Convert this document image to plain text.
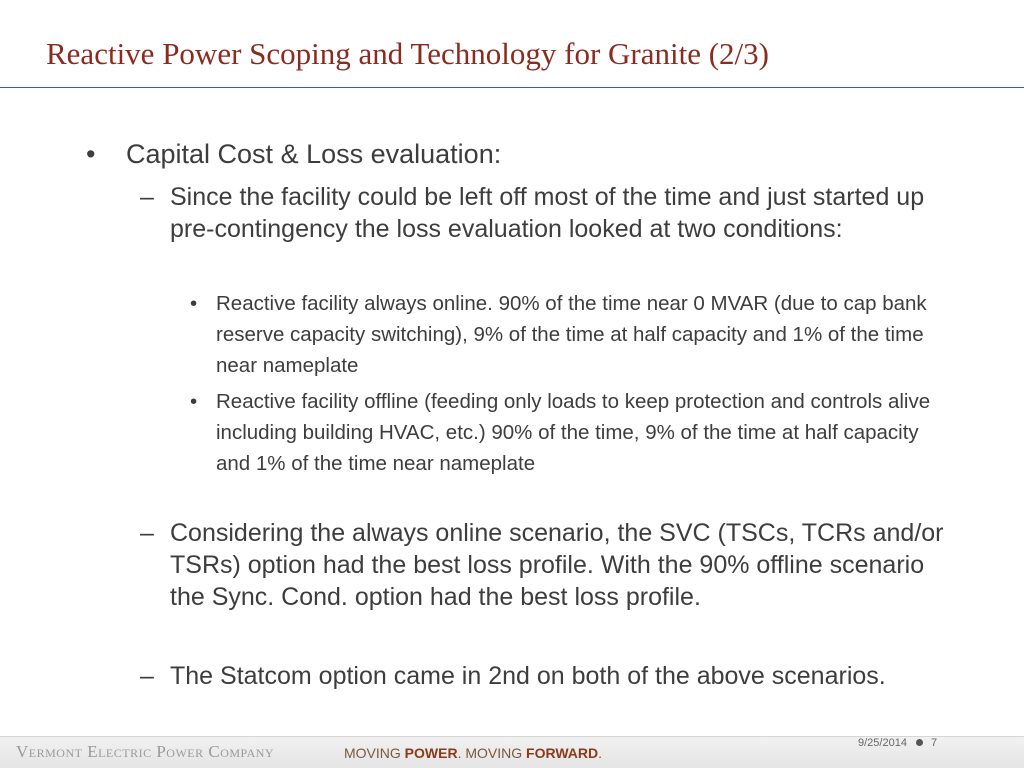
Reactive Power Scoping and Technology for Granite (2/3)
• Capital Cost & Loss evaluation:
– Since the facility could be left off most of the time and just started up pre-contingency the loss evaluation looked at two conditions:
• Reactive facility always online. 90% of the time near 0 MVAR (due to cap bank reserve capacity switching), 9% of the time at half capacity and 1% of the time near nameplate
• Reactive facility offline (feeding only loads to keep protection and controls alive including building HVAC, etc.) 90% of the time, 9% of the time at half capacity and 1% of the time near nameplate
– Considering the always online scenario, the SVC (TSCs, TCRs and/or TSRs) option had the best loss profile. With the 90% offline scenario the Sync. Cond. option had the best loss profile.
– The Statcom option came in 2nd on both of the above scenarios.
Vermont Electric Power Company	MOVING POWER. MOVING FORWARD.
9/25/2014 7
